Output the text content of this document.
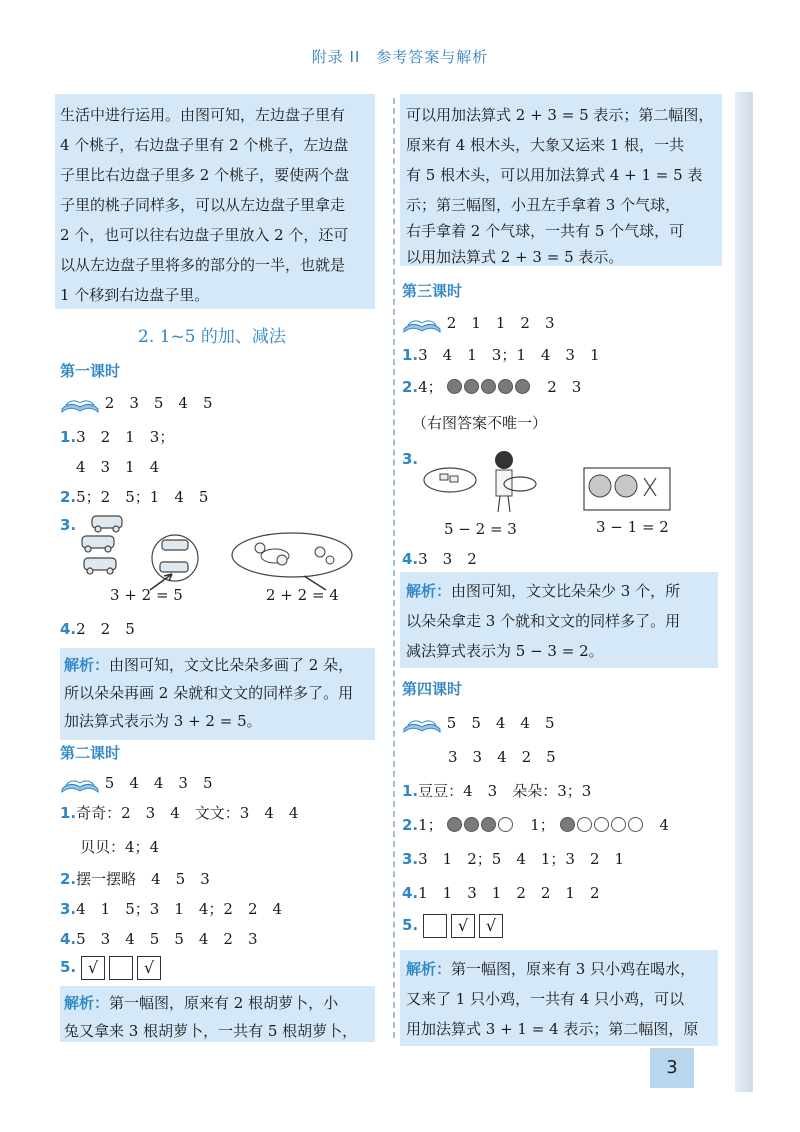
附录 II　参考答案与解析
生活中进行运用。由图可知，左边盘子里有
4 个桃子，右边盘子里有 2 个桃子，左边盘
子里比右边盘子里多 2 个桃子，要使两个盘
子里的桃子同样多，可以从左边盘子里拿走
2 个，也可以往右边盘子里放入 2 个，还可
以从左边盘子里将多的部分的一半，也就是
1 个移到右边盘子里。
2. 1~5 的加、减法
第一课时
2　3　5　4　5
1.3　2　1　3；
4　3　1　4
2.5；2　5；1　4　5
3.
3 + 2 = 5	2 + 2 = 4
4.2　2　5
解析：由图可知，文文比朵朵多画了 2 朵，
所以朵朵再画 2 朵就和文文的同样多了。用
加法算式表示为 3 + 2 = 5。
第二课时
5　4　4　3　5
1.奇奇：2　3　4　文文：3　4　4
贝贝：4；4
2.摆一摆略　4　5　3
3.4　1　5；3　1　4；2　2　4
4.5　3　4　5　5　4　2　3
5. √	√
解析：第一幅图，原来有 2 根胡萝卜，小
兔又拿来 3 根胡萝卜，一共有 5 根胡萝卜，
可以用加法算式 2 + 3 = 5 表示；第二幅图，
原来有 4 根木头，大象又运来 1 根，一共
有 5 根木头，可以用加法算式 4 + 1 = 5 表
示；第三幅图，小丑左手拿着 3 个气球，
右手拿着 2 个气球，一共有 5 个气球，可
以用加法算式 2 + 3 = 5 表示。
第三课时
2　1　1　2　3
1.3　4　1　3；1　4　3　1
2.4；	2　3
（右图答案不唯一）
3.
5 − 2 = 3	3 − 1 = 2
4.3　3　2
解析：由图可知，文文比朵朵少 3 个，所
以朵朵拿走 3 个就和文文的同样多了。用
减法算式表示为 5 − 3 = 2。
第四课时
5　5　4　4　5
3　3　4　2　5
1.豆豆：4　3　朵朵：3；3
2.1；	1；	4
3.3　1　2；5　4　1；3　2　1
4.1　1　3　1　2　2　1　2
5. √ √
解析：第一幅图，原来有 3 只小鸡在喝水，
又来了 1 只小鸡，一共有 4 只小鸡，可以
用加法算式 3 + 1 = 4 表示；第二幅图，原
3
